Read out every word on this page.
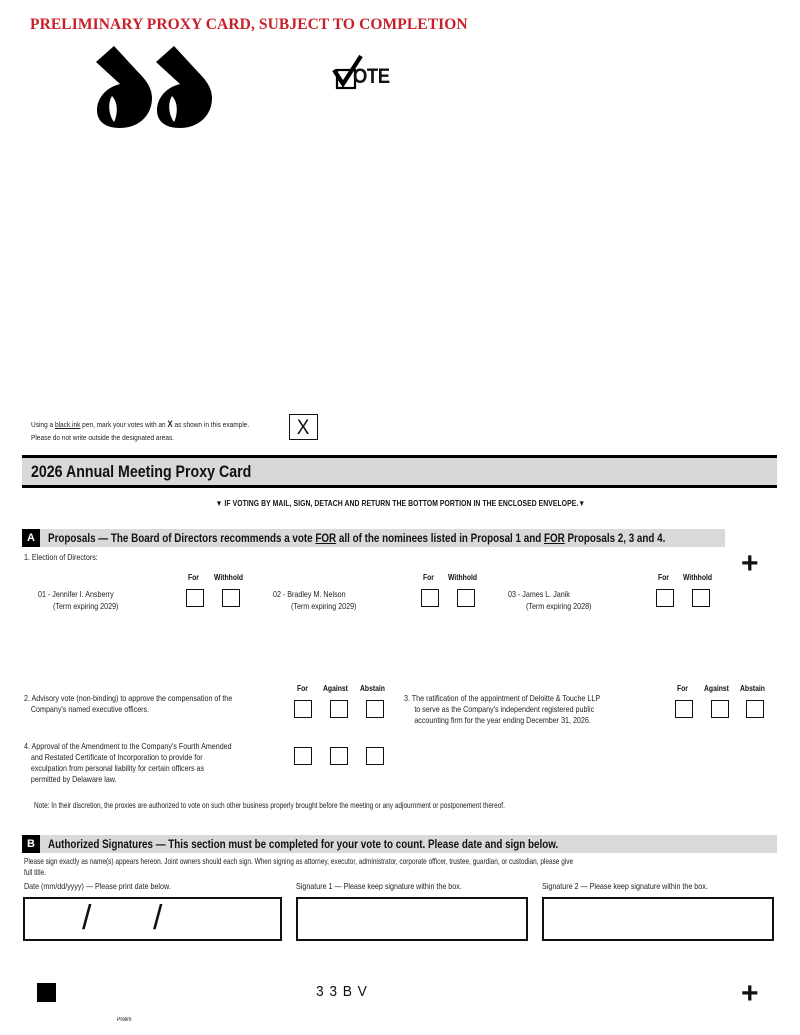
PRELIMINARY PROXY CARD, SUBJECT TO COMPLETION
OTE
Using a black ink pen, mark your votes with an X as shown in this example.
Please do not write outside the designated areas.	X
2026 Annual Meeting Proxy Card
▼ IF VOTING BY MAIL, SIGN, DETACH AND RETURN THE BOTTOM PORTION IN THE ENCLOSED ENVELOPE.▼
A	Proposals — The Board of Directors recommends a vote FOR all of the nominees listed in Proposal 1 and FOR Proposals 2, 3 and 4.
1. Election of Directors:	+
01 - Jennifer I. Ansberry
(Term expiring 2029)
For Withhold
02 - Bradley M. Nelson
(Term expiring 2029)
For Withhold
03 - James L. Janik
(Term expiring 2028)
For Withhold
2. Advisory vote (non-binding) to approve the compensation of the
Company's named executive officers.
For Against Abstain
3. The ratification of the appointment of Deloitte & Touche LLP
to serve as the Company's independent registered public
accounting firm for the year ending December 31, 2026.
For Against Abstain
4. Approval of the Amendment to the Company's Fourth Amended
and Restated Certificate of Incorporation to provide for
exculpation from personal liability for certain officers as
permitted by Delaware law.
Note: In their discretion, the proxies are authorized to vote on such other business properly brought before the meeting or any adjournment or postponement thereof.
B	Authorized Signatures — This section must be completed for your vote to count. Please date and sign below.
Please sign exactly as name(s) appears hereon. Joint owners should each sign. When signing as attorney, executor, administrator, corporate officer, trustee, guardian, or custodian, please give
full title.
Date (mm/dd/yyyy) — Please print date below.	Signature 1 — Please keep signature within the box.	Signature 2 — Please keep signature within the box.
/ /
3 3 B V	+
Prelim
